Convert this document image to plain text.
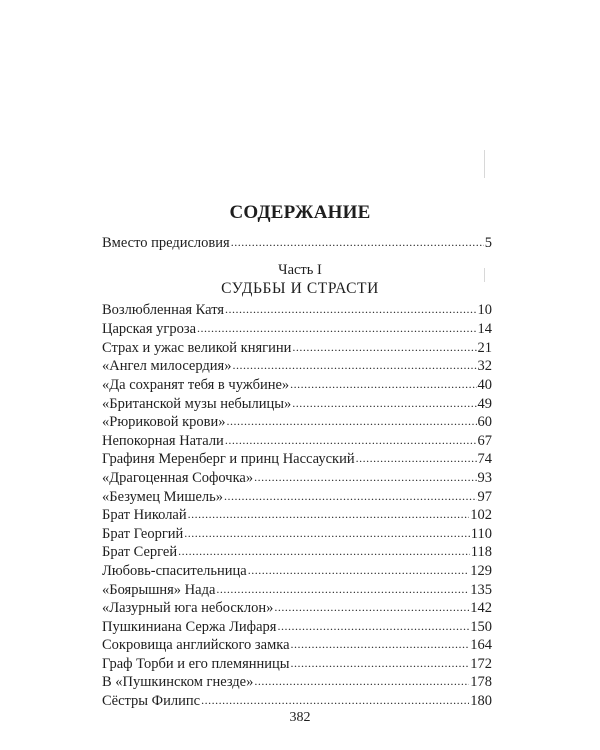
СОДЕРЖАНИЕ
Вместо предисловия .....	5
Часть I
СУДЬБЫ И СТРАСТИ
Возлюбленная Катя .....	10
Царская угроза .....	14
Страх и ужас великой княгини .....	21
«Ангел милосердия» .....	32
«Да сохранят тебя в чужбине» .....	40
«Британской музы небылицы» .....	49
«Рюриковой крови» .....	60
Непокорная Натали .....	67
Графиня Меренберг и принц Нассауский .....	74
«Драгоценная Софочка» .....	93
«Безумец Мишель» .....	97
Брат Николай .....	102
Брат Георгий .....	110
Брат Сергей .....	118
Любовь-спасительница .....	129
«Боярышня» Нада .....	135
«Лазурный юга небосклон» .....	142
Пушкиниана Сержа Лифаря .....	150
Сокровища английского замка .....	164
Граф Торби и его племянницы .....	172
В «Пушкинском гнезде» .....	178
Сёстры Филипс .....	180
382
